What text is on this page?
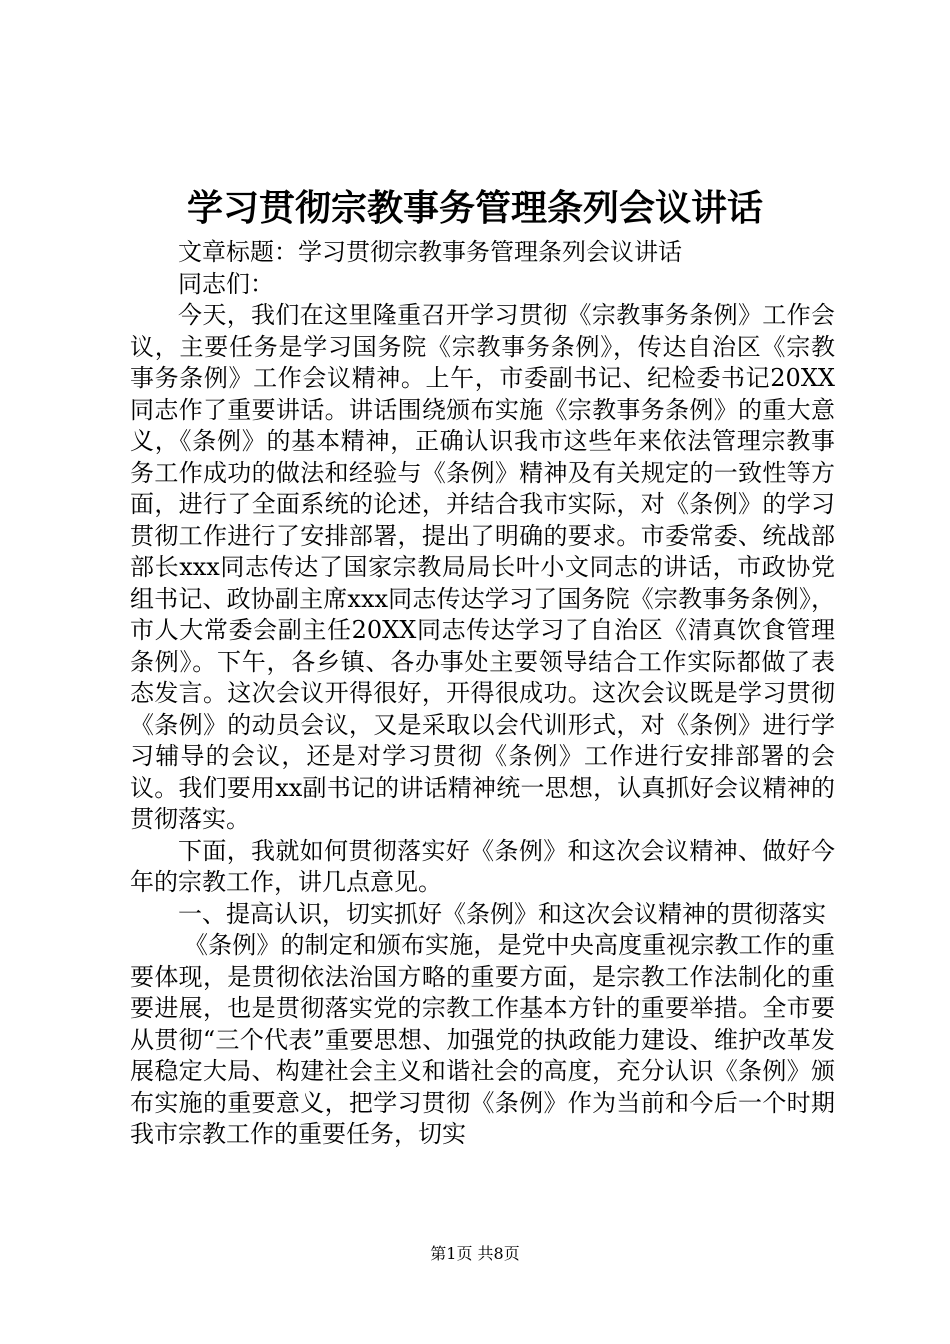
学习贯彻宗教事务管理条列会议讲话

文章标题：学习贯彻宗教事务管理条列会议讲话

同志们：

今天，我们在这里隆重召开学习贯彻《宗教事务条例》工作会议，主要任务是学习国务院《宗教事务条例》，传达自治区《宗教事务条例》工作会议精神。上午，市委副书记、纪检委书记20XX同志作了重要讲话。讲话围绕颁布实施《宗教事务条例》的重大意义，《条例》的基本精神，正确认识我市这些年来依法管理宗教事务工作成功的做法和经验与《条例》精神及有关规定的一致性等方面，进行了全面系统的论述，并结合我市实际，对《条例》的学习贯彻工作进行了安排部署，提出了明确的要求。市委常委、统战部部长xxx同志传达了国家宗教局局长叶小文同志的讲话，市政协党组书记、政协副主席xxx同志传达学习了国务院《宗教事务条例》，市人大常委会副主任20XX同志传达学习了自治区《清真饮食管理条例》。下午，各乡镇、各办事处主要领导结合工作实际都做了表态发言。这次会议开得很好，开得很成功。这次会议既是学习贯彻《条例》的动员会议，又是采取以会代训形式，对《条例》进行学习辅导的会议，还是对学习贯彻《条例》工作进行安排部署的会议。我们要用xx副书记的讲话精神统一思想，认真抓好会议精神的贯彻落实。

下面，我就如何贯彻落实好《条例》和这次会议精神、做好今年的宗教工作，讲几点意见。

一、提高认识，切实抓好《条例》和这次会议精神的贯彻落实

《条例》的制定和颁布实施，是党中央高度重视宗教工作的重要体现，是贯彻依法治国方略的重要方面，是宗教工作法制化的重要进展，也是贯彻落实党的宗教工作基本方针的重要举措。全市要从贯彻“三个代表”重要思想、加强党的执政能力建设、维护改革发展稳定大局、构建社会主义和谐社会的高度，充分认识《条例》颁布实施的重要意义，把学习贯彻《条例》作为当前和今后一个时期我市宗教工作的重要任务，切实

第1页 共8页
